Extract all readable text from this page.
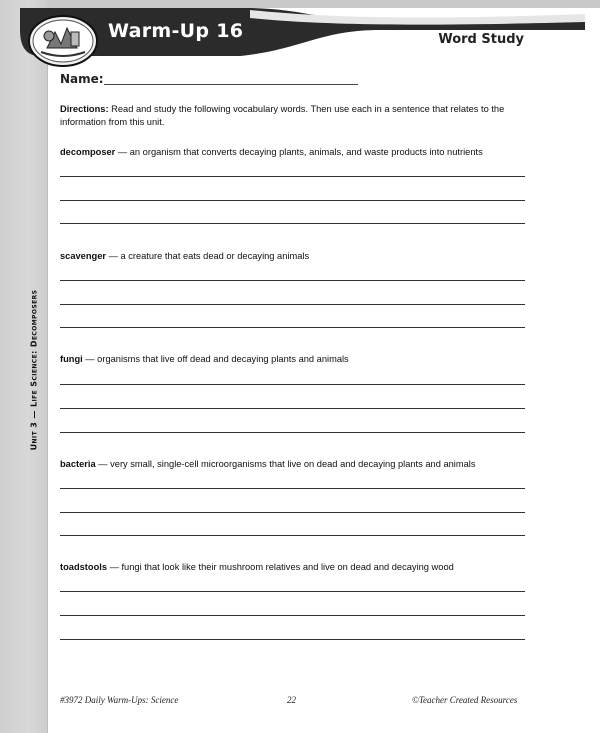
Warm-Up 16	Word Study
Unit 3 — Life Science: Decomposers
Name:
Directions: Read and study the following vocabulary words. Then use each in a sentence that relates to the information from this unit.
decomposer — an organism that converts decaying plants, animals, and waste products into nutrients
scavenger — a creature that eats dead or decaying animals
fungi — organisms that live off dead and decaying plants and animals
bacteria — very small, single-cell microorganisms that live on dead and decaying plants and animals
toadstools — fungi that look like their mushroom relatives and live on dead and decaying wood
#3972 Daily Warm-Ups: Science	22	©Teacher Created Resources
